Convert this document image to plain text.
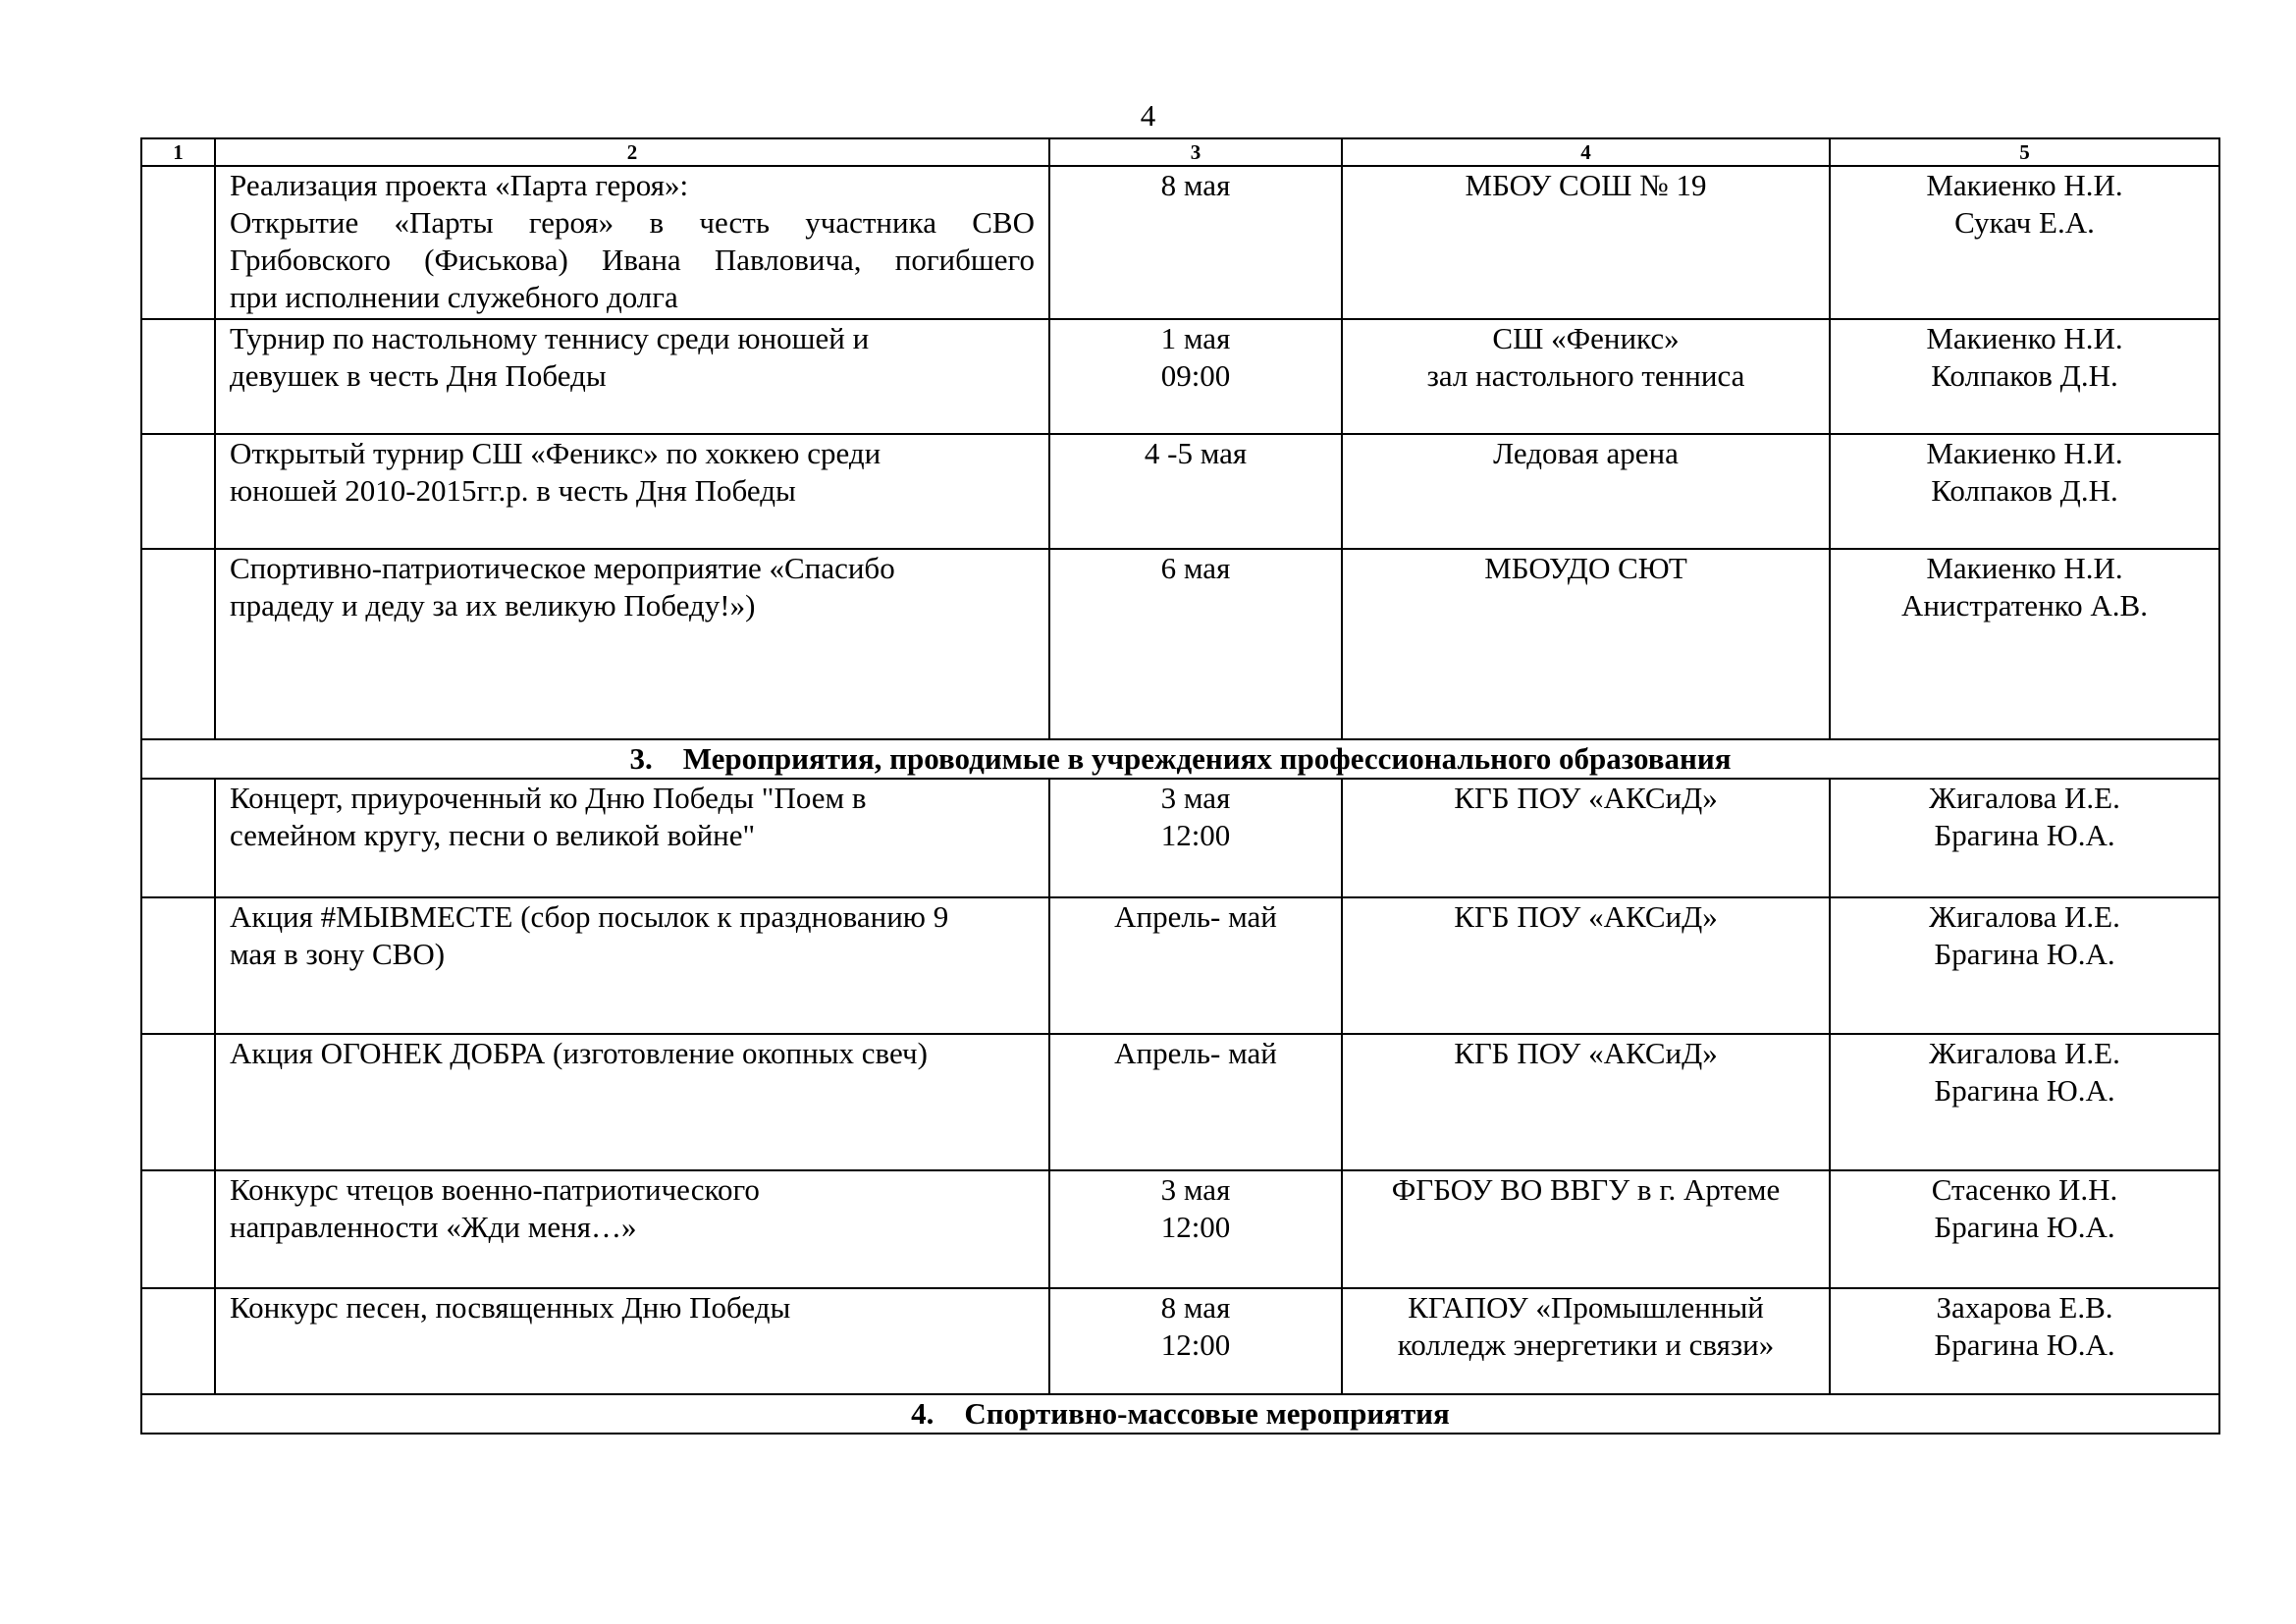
4
1	2	3	4	5

	Реализация проекта «Парта героя»:
Открытие «Парты героя» в честь участника СВО
Грибовского (Фиськова) Ивана Павловича, погибшего
при исполнении служебного долга	8 мая	МБОУ СОШ № 19	Макиенко Н.И.
Сукач Е.А.

	Турнир по настольному теннису среди юношей и
девушек в честь Дня Победы	1 мая
09:00	СШ «Феникс»
зал настольного тенниса	Макиенко Н.И.
Колпаков Д.Н.

	Открытый турнир СШ «Феникс» по хоккею среди
юношей 2010-2015гг.р. в честь Дня Победы	4 -5 мая	Ледовая арена	Макиенко Н.И.
Колпаков Д.Н.

	Спортивно-патриотическое мероприятие «Спасибо
прадеду и деду за их великую Победу!»)	6 мая	МБОУДО СЮТ	Макиенко Н.И.
Анистратенко А.В.

3.    Мероприятия, проводимые в учреждениях профессионального образования				

	Концерт, приуроченный ко Дню Победы "Поем в
семейном кругу, песни о великой войне"	3 мая
12:00	КГБ ПОУ «АКСиД»	Жигалова И.Е.
Брагина Ю.А.

	Акция #МЫВМЕСТЕ (сбор посылок к празднованию 9
мая в зону СВО)	Апрель- май	КГБ ПОУ «АКСиД»	Жигалова И.Е.
Брагина Ю.А.

	Акция ОГОНЕК ДОБРА (изготовление окопных свеч)	Апрель- май	КГБ ПОУ «АКСиД»	Жигалова И.Е.
Брагина Ю.А.

	Конкурс чтецов военно-патриотического
направленности «Жди меня…»	3 мая
12:00	ФГБОУ ВО ВВГУ в г. Артеме	Стасенко И.Н.
Брагина Ю.А.

	Конкурс песен, посвященных Дню Победы	8 мая
12:00	КГАПОУ «Промышленный
колледж энергетики и связи»	Захарова Е.В.
Брагина Ю.А.

4.    Спортивно-массовые мероприятия				
